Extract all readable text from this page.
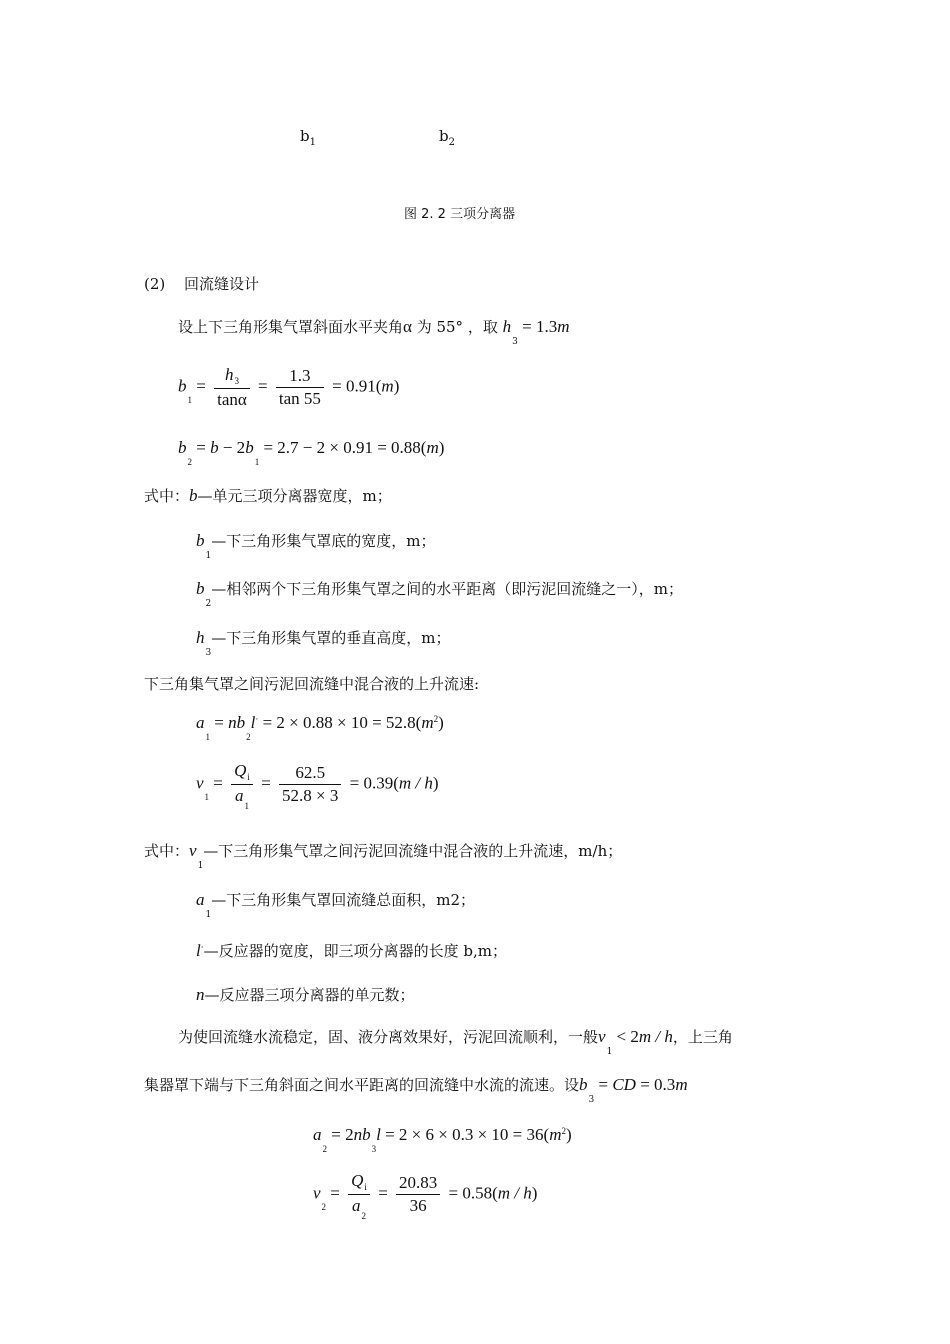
$b_1$	$b_2$
图 2. 2 三项分离器
(2) 回流缝设计
设上下三角形集气罩斜面水平夹角α 为 55° ，取 $h_3 = 1.3m$
$b_1 = \frac{h_3}{\tan\alpha} = \frac{1.3}{\tan 55} = 0.91(m)$
$b_2 = b - 2b_1 = 2.7 - 2 \times 0.91 = 0.88(m)$
式中：b—单元三项分离器宽度，m；
$b_1—$下三角形集气罩底的宽度，m；
$b_2—$相邻两个下三角形集气罩之间的水平距离（即污泥回流缝之一），m；
$h_3—$下三角形集气罩的垂直高度，m；
下三角集气罩之间污泥回流缝中混合液的上升流速:
$a_1 = nb_2l^\cdot = 2 \times 0.88 \times 10 = 52.8(m^2)$
$v_1 = \frac{Q_i}{a_1} = \frac{62.5}{52.8 \times 3} = 0.39(m / h)$
式中：$v_1—$下三角形集气罩之间污泥回流缝中混合液的上升流速，m/h；
$a_1—$下三角形集气罩回流缝总面积，m2；
l·—反应器的宽度，即三项分离器的长度 b,m；
n—反应器三项分离器的单元数；
为使回流缝水流稳定，固、液分离效果好，污泥回流顺利，一般$v_1 < 2m / h$，上三角
集器罩下端与下三角斜面之间水平距离的回流缝中水流的流速。设$b_3$ = CD = 0.3m
$a_2 = 2nb_3l = 2 \times 6 \times 0.3 \times 10 = 36(m^2)$
$v_2 = \frac{Q_i}{a_2} = \frac{20.83}{36} = 0.58(m / h)$
